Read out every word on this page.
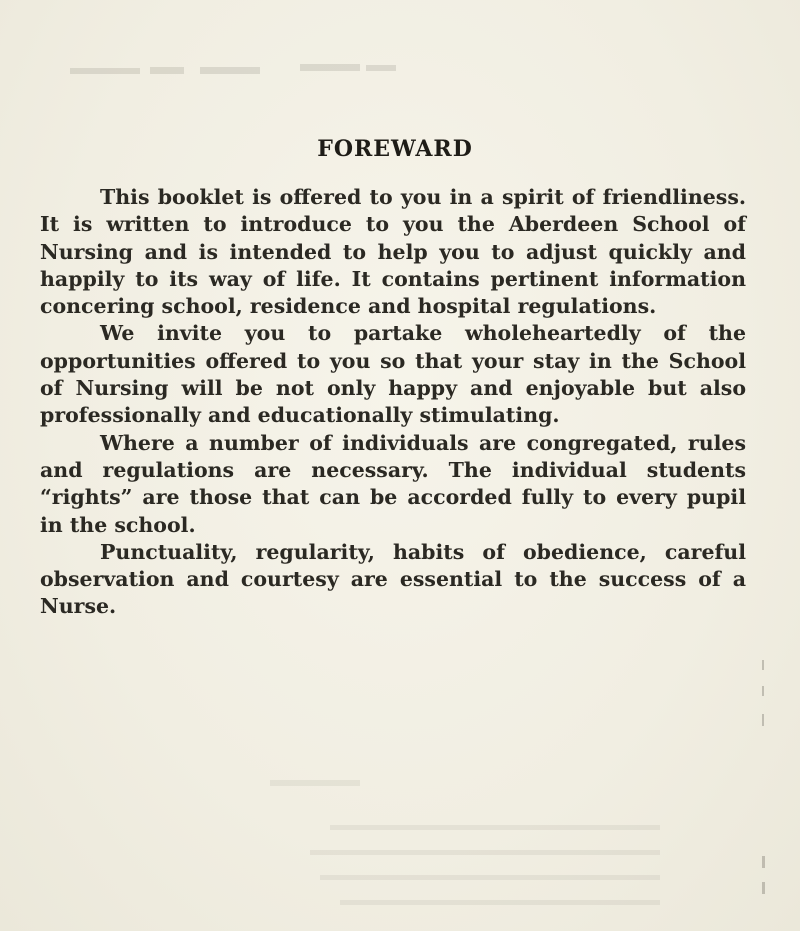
FOREWARD

This booklet is offered to you in a spirit of friendliness. It is written to introduce to you the Aberdeen School of Nursing and is intended to help you to adjust quickly and happily to its way of life. It contains pertinent information concering school, residence and hospital regulations.

We invite you to partake wholeheartedly of the opportunities offered to you so that your stay in the School of Nursing will be not only happy and enjoyable but also professionally and educationally stimulating.

Where a number of individuals are congregated, rules and regulations are necessary. The individual students “rights” are those that can be accorded fully to every pupil in the school.

Punctuality, regularity, habits of obedience, careful observation and courtesy are essential to the success of a Nurse.
